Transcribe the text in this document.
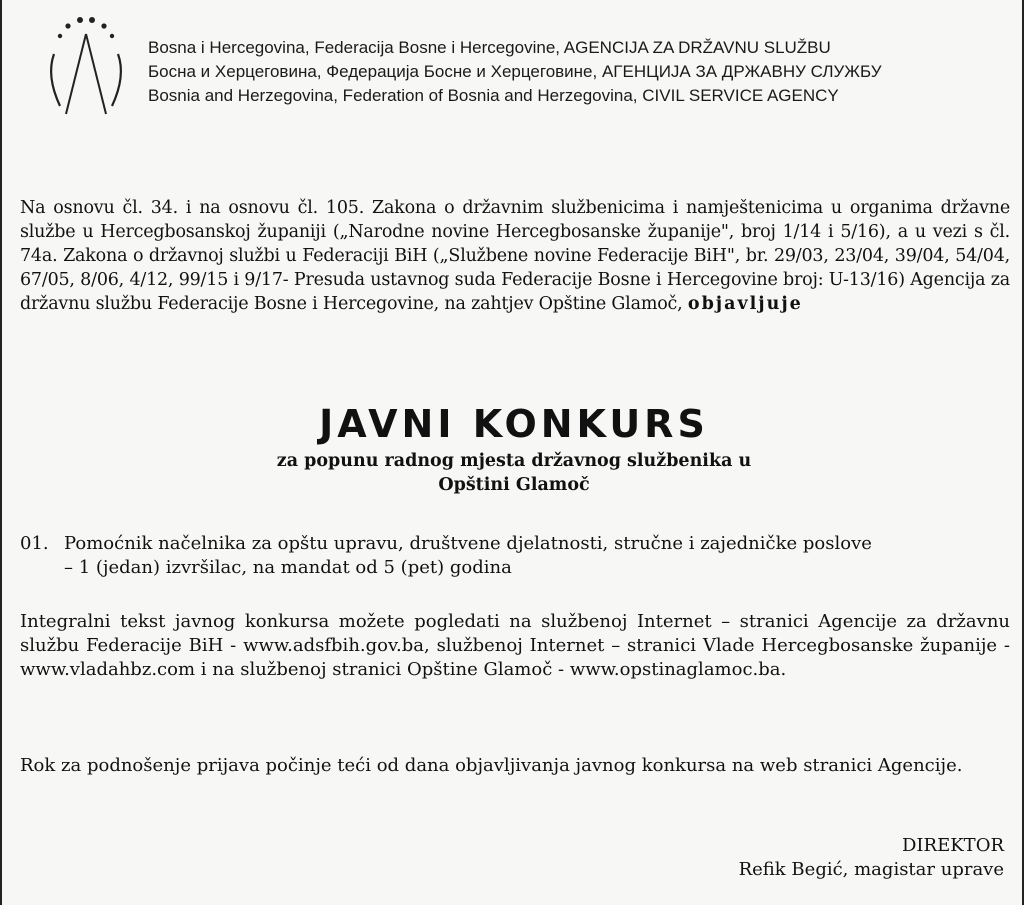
Bosna i Hercegovina, Federacija Bosne i Hercegovine, AGENCIJA ZA DRŽAVNU SLUŽBU
Босна и Херцеговина, Федерација Босне и Херцеговине, АГЕНЦИЈА ЗА ДРЖАВНУ СЛУЖБУ
Bosnia and Herzegovina, Federation of Bosnia and Herzegovina, CIVIL SERVICE AGENCY
Na osnovu čl. 34. i na osnovu čl. 105. Zakona o državnim službenicima i namještenicima u organima državne službe u Hercegbosanskoj županiji („Narodne novine Hercegbosanske županije", broj 1/14 i 5/16), a u vezi s čl. 74a. Zakona o državnoj službi u Federaciji BiH („Službene novine Federacije BiH", br. 29/03, 23/04, 39/04, 54/04, 67/05, 8/06, 4/12, 99/15 i 9/17- Presuda ustavnog suda Federacije Bosne i Hercegovine broj: U-13/16) Agencija za državnu službu Federacije Bosne i Hercegovine, na zahtjev Opštine Glamoč, objavljuje
JAVNI KONKURS
za popunu radnog mjesta državnog službenika u
Opštini Glamoč
01. Pomoćnik načelnika za opštu upravu, društvene djelatnosti, stručne i zajedničke poslove
– 1 (jedan) izvršilac, na mandat od 5 (pet) godina
Integralni tekst javnog konkursa možete pogledati na službenoj Internet – stranici Agencije za državnu službu Federacije BiH - www.adsfbih.gov.ba, službenoj Internet – stranici Vlade Hercegbosanske županije - www.vladahbz.com i na službenoj stranici Opštine Glamoč - www.opstinaglamoc.ba.
Rok za podnošenje prijava počinje teći od dana objavljivanja javnog konkursa na web stranici Agencije.
DIREKTOR
Refik Begić, magistar uprave
